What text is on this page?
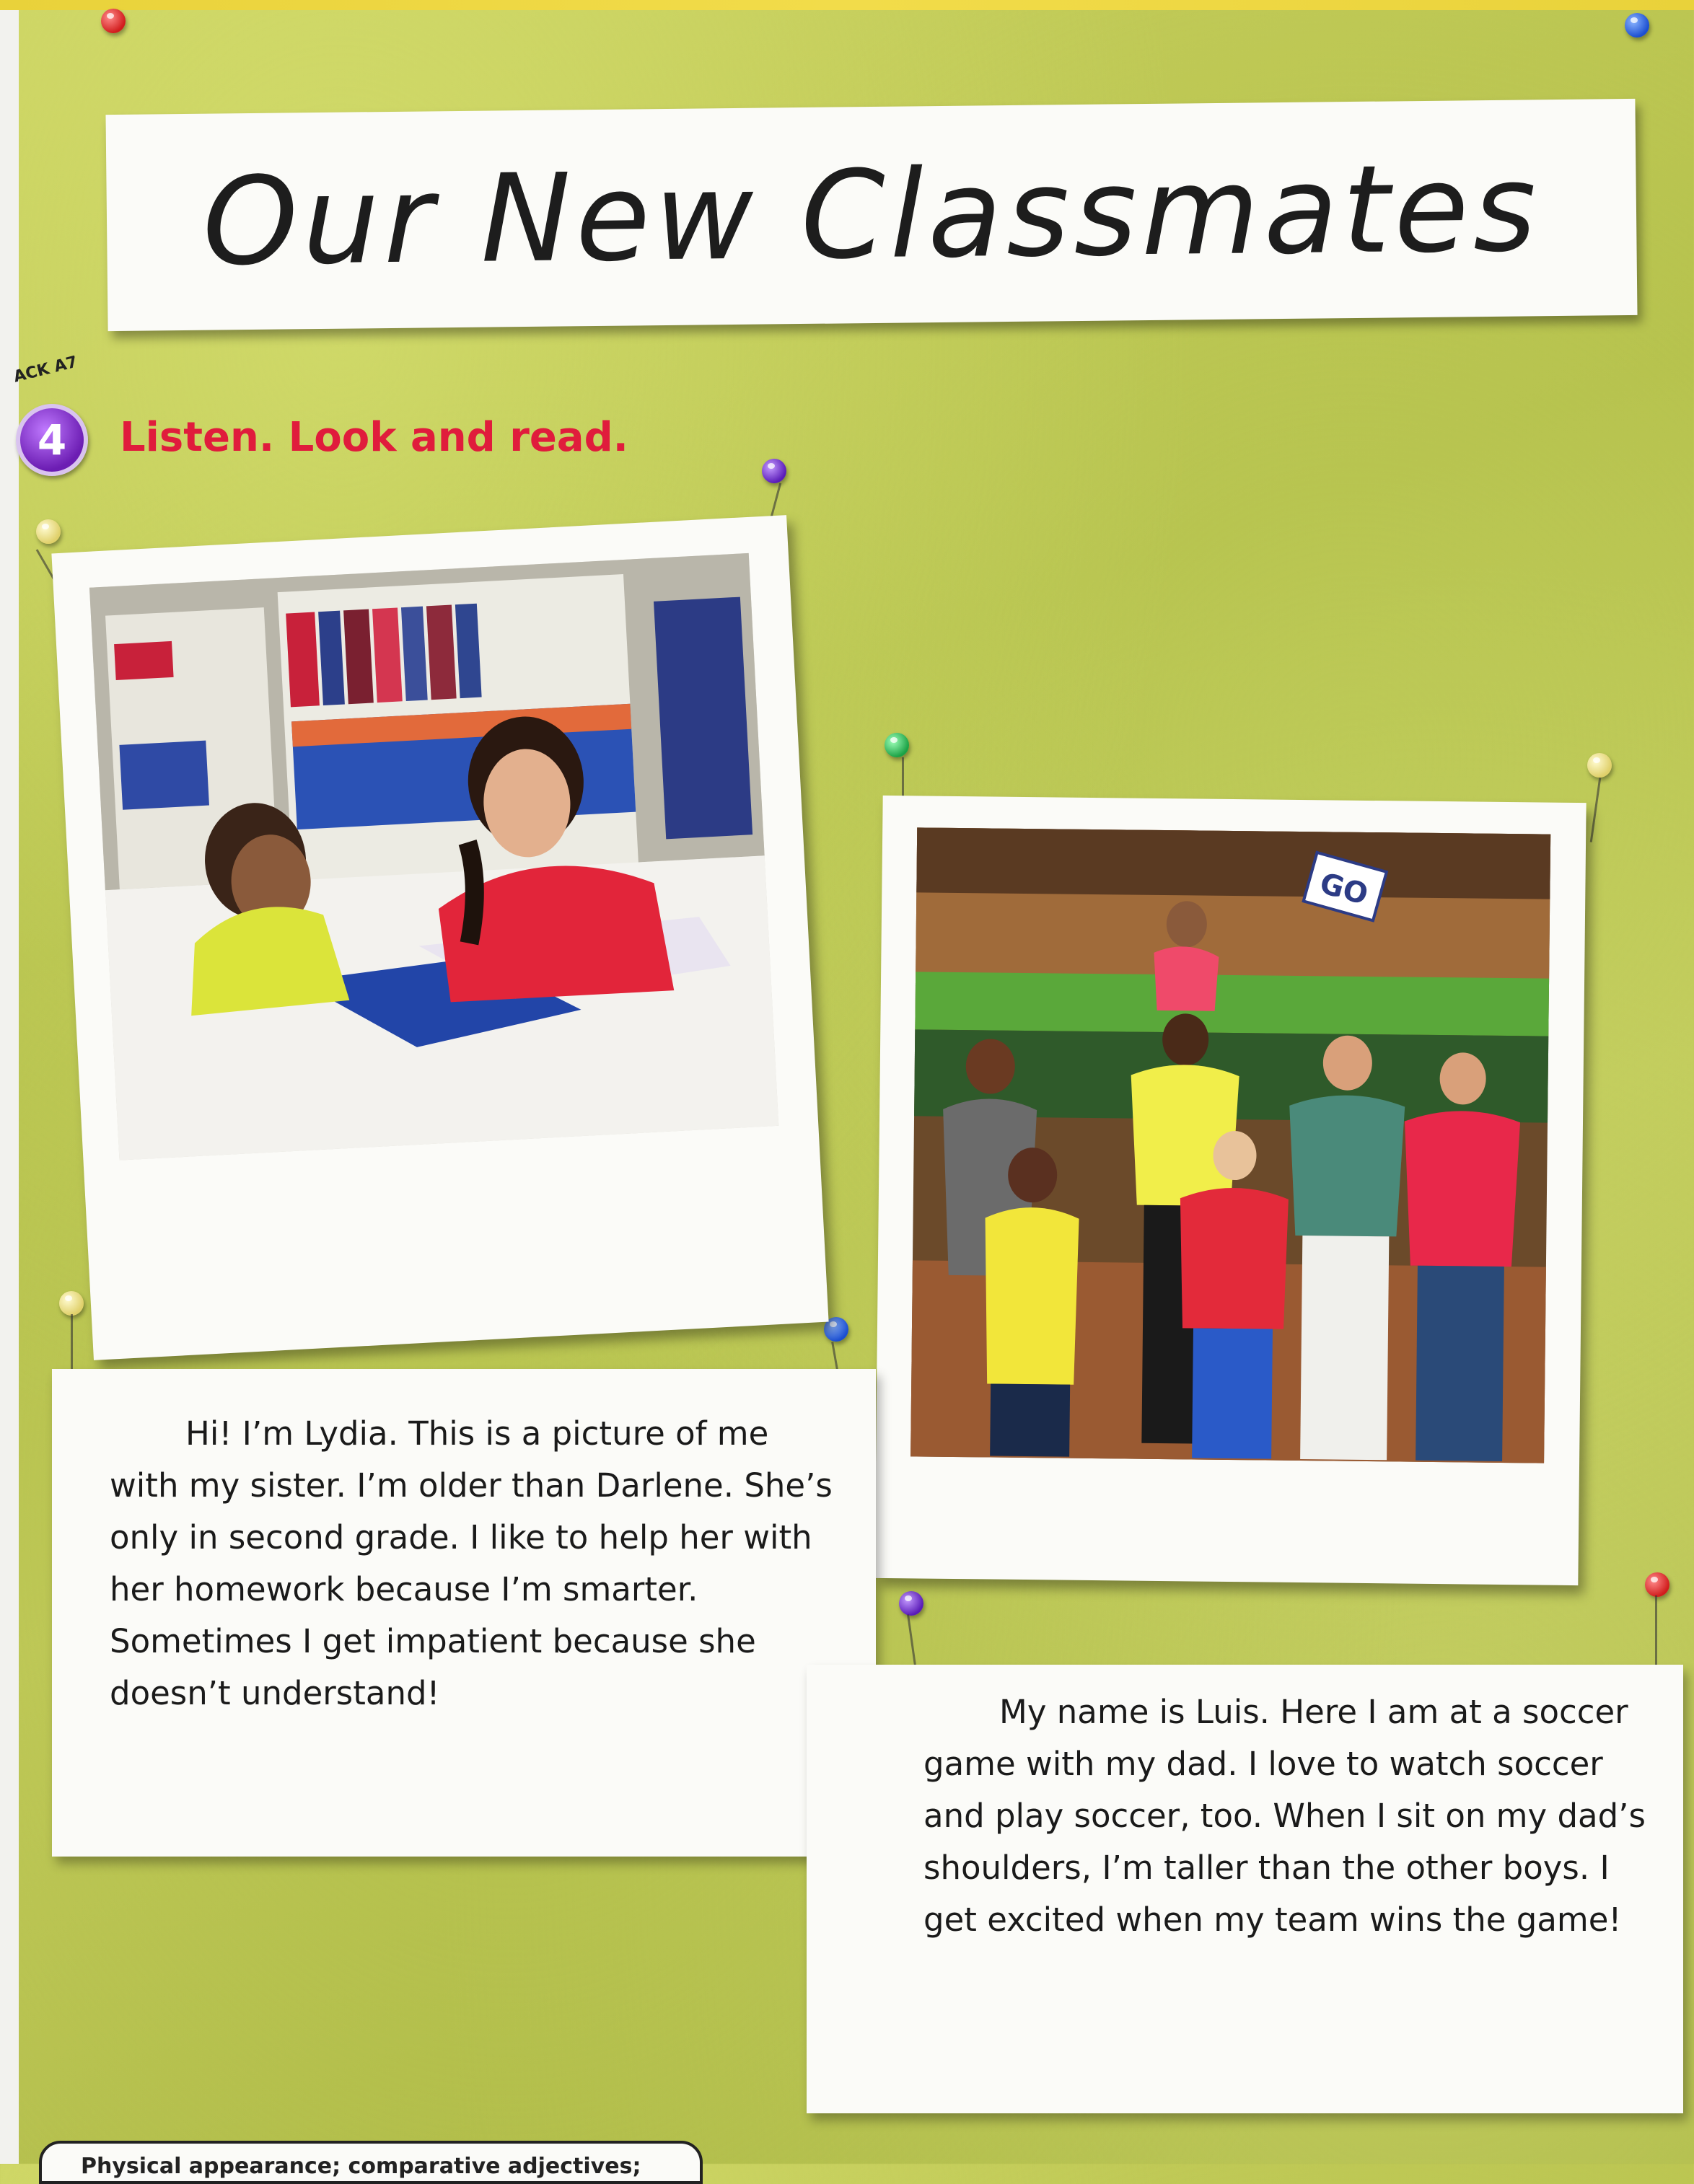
Our New Classmates
ACK A7
4 Listen. Look and read.
GO

Hi! I’m Lydia. This is a picture of me with my sister. I’m older than Darlene. She’s only in second grade. I like to help her with her homework because I’m smarter. Sometimes I get impatient because she doesn’t understand!	My name is Luis. Here I am at a soccer game with my dad. I love to watch soccer and play soccer, too. When I sit on my dad’s shoulders, I’m taller than the other boys. I get excited when my team wins the game!

Physical appearance; comparative adjectives;
